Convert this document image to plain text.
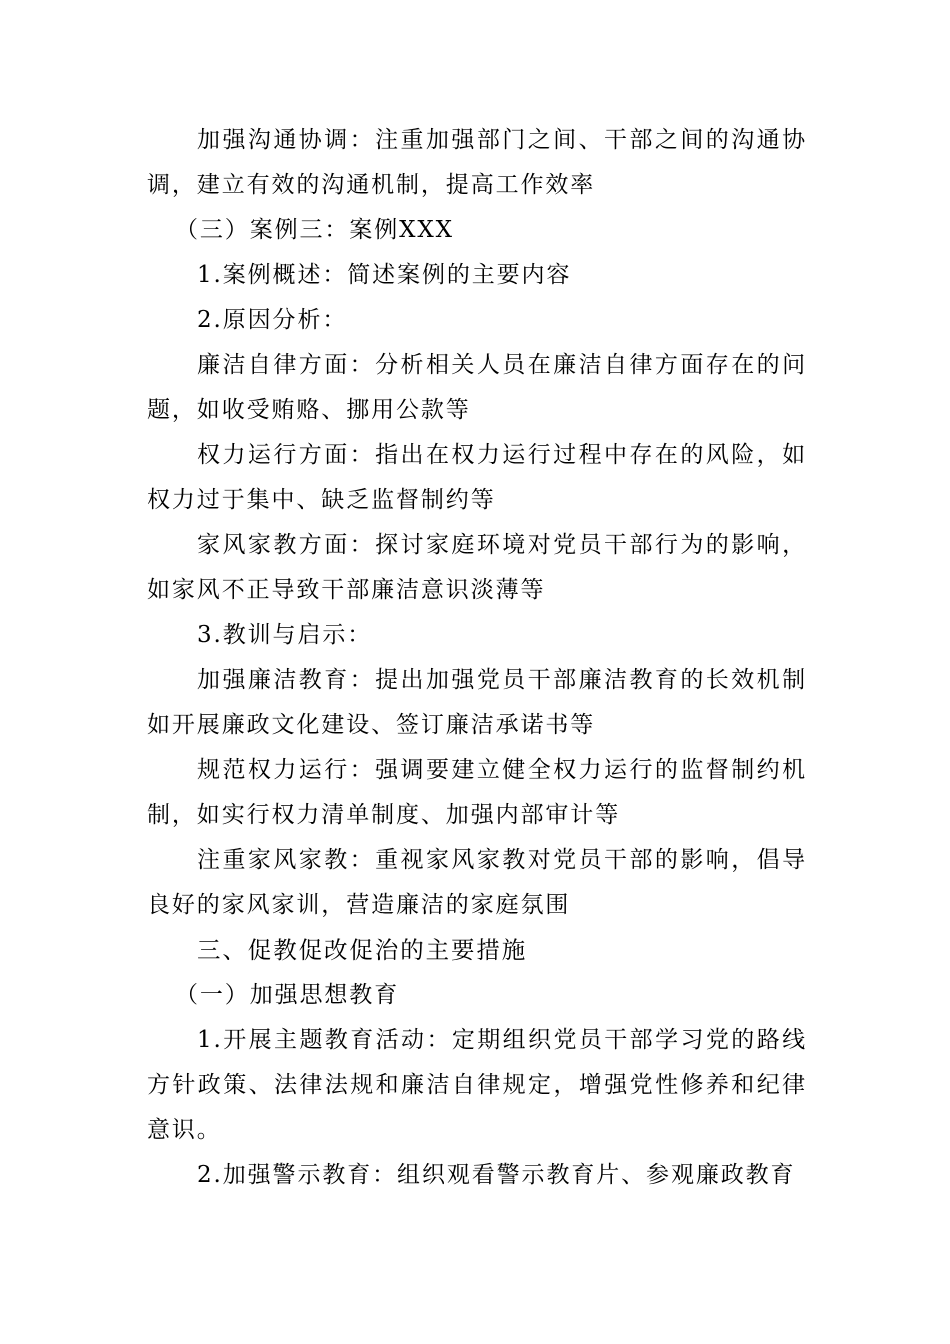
加强沟通协调：注重加强部门之间、干部之间的沟通协调，建立有效的沟通机制，提高工作效率

（三）案例三：案例XXX

1.案例概述：简述案例的主要内容

2.原因分析：

廉洁自律方面：分析相关人员在廉洁自律方面存在的问题，如收受贿赂、挪用公款等

权力运行方面：指出在权力运行过程中存在的风险，如权力过于集中、缺乏监督制约等

家风家教方面：探讨家庭环境对党员干部行为的影响，如家风不正导致干部廉洁意识淡薄等

3.教训与启示：

加强廉洁教育：提出加强党员干部廉洁教育的长效机制如开展廉政文化建设、签订廉洁承诺书等

规范权力运行：强调要建立健全权力运行的监督制约机制，如实行权力清单制度、加强内部审计等

注重家风家教：重视家风家教对党员干部的影响，倡导良好的家风家训，营造廉洁的家庭氛围

三、促教促改促治的主要措施

（一）加强思想教育

1.开展主题教育活动：定期组织党员干部学习党的路线方针政策、法律法规和廉洁自律规定，增强党性修养和纪律意识。

2.加强警示教育：组织观看警示教育片、参观廉政教育
